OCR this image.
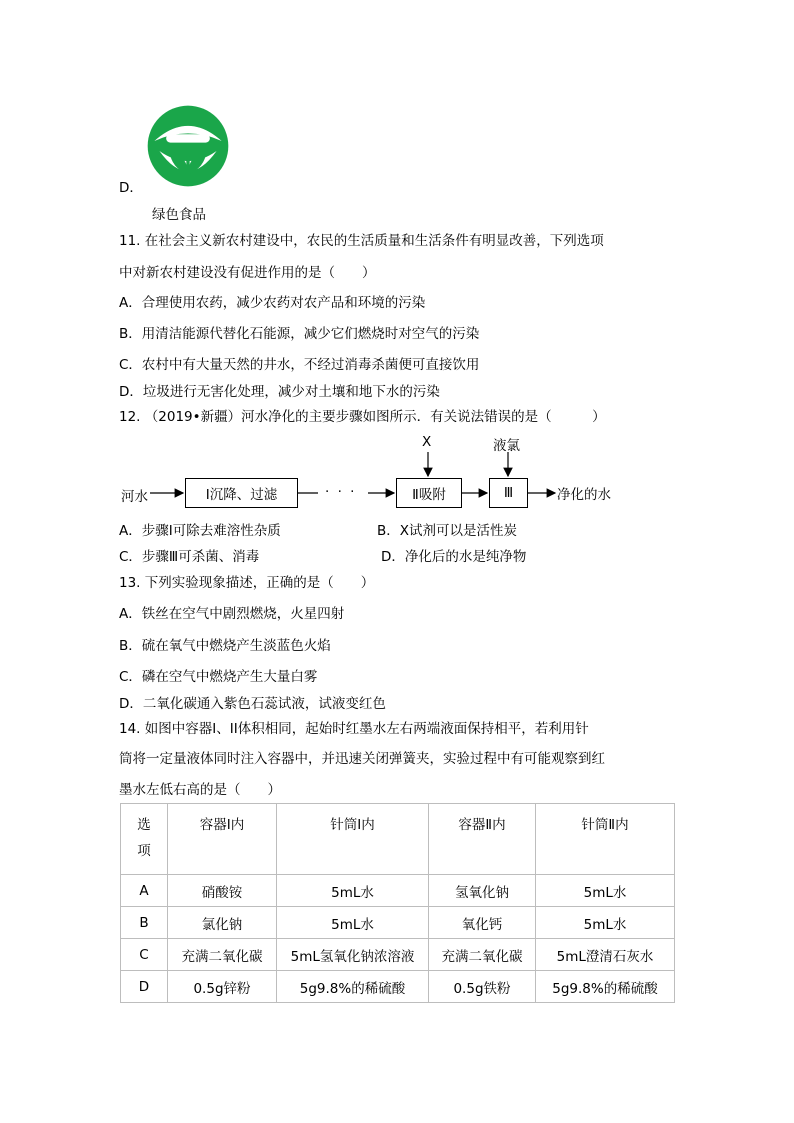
D．
绿色食品
11. 在社会主义新农村建设中，农民的生活质量和生活条件有明显改善，下列选项
中对新农村建设没有促进作用的是（　　）
A．合理使用农药，减少农药对农产品和环境的污染
B．用清洁能源代替化石能源，减少它们燃烧时对空气的污染
C．农村中有大量天然的井水，不经过消毒杀菌便可直接饮用
D．垃圾进行无害化处理，减少对土壤和地下水的污染
12. （2019•新疆）河水净化的主要步骤如图所示．有关说法错误的是（　　　）
河水	Ⅰ沉降、过滤	· · ·	Ⅱ吸附	Ⅲ
X	液氯
净化的水
A．步骤Ⅰ可除去难溶性杂质	B．X试剂可以是活性炭
C．步骤Ⅲ可杀菌、消毒	D．净化后的水是纯净物
13. 下列实验现象描述，正确的是（　　）
A．铁丝在空气中剧烈燃烧，火星四射
B．硫在氧气中燃烧产生淡蓝色火焰
C．磷在空气中燃烧产生大量白雾
D．二氧化碳通入紫色石蕊试液，试液变红色
14. 如图中容器Ⅰ、II体积相同，起始时红墨水左右两端液面保持相平，若利用针
筒将一定量液体同时注入容器中，并迅速关闭弹簧夹，实验过程中有可能观察到红
墨水左低右高的是（　　）
选项	容器Ⅰ内	针筒Ⅰ内	容器Ⅱ内	针筒Ⅱ内
A	硝酸铵	5mL水	氢氧化钠	5mL水
B	氯化钠	5mL水	氧化钙	5mL水
C	充满二氧化碳	5mL氢氧化钠浓溶液	充满二氧化碳	5mL澄清石灰水
D	0.5g锌粉	5g9.8%的稀硫酸	0.5g铁粉	5g9.8%的稀硫酸
